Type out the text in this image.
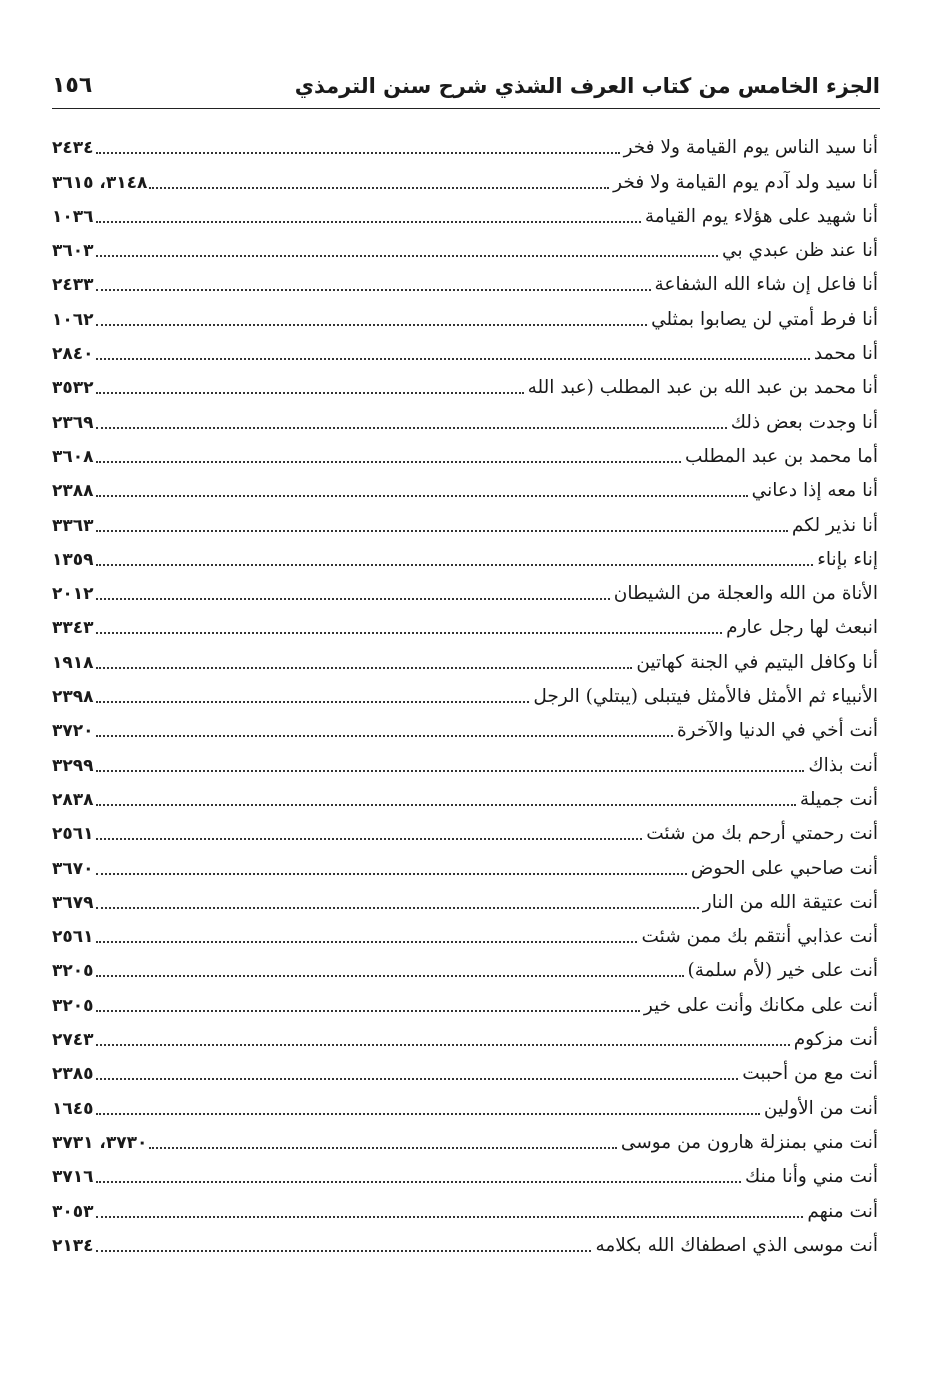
الجزء الخامس من كتاب العرف الشذي شرح سنن الترمذي
١٥٦
أنا سيد الناس يوم القيامة ولا فخر
٢٤٣٤
أنا سيد ولد آدم يوم القيامة ولا فخر
٣١٤٨، ٣٦١٥
أنا شهيد على هؤلاء يوم القيامة
١٠٣٦
أنا عند ظن عبدي بي
٣٦٠٣
أنا فاعل إن شاء الله الشفاعة
٢٤٣٣
أنا فرط أمتي لن يصابوا بمثلي
١٠٦٢
أنا محمد
٢٨٤٠
أنا محمد بن عبد الله بن عبد المطلب (عبد الله
٣٥٣٢
أنا وجدت بعض ذلك
٢٣٦٩
أما محمد بن عبد المطلب
٣٦٠٨
أنا معه إذا دعاني
٢٣٨٨
أنا نذير لكم
٣٣٦٣
إناء بإناء
١٣٥٩
الأناة من الله والعجلة من الشيطان
٢٠١٢
انبعث لها رجل عارم
٣٣٤٣
أنا وكافل اليتيم في الجنة كهاتين
١٩١٨
الأنبياء ثم الأمثل فالأمثل فيتبلى (يبتلي) الرجل
٢٣٩٨
أنت أخي في الدنيا والآخرة
٣٧٢٠
أنت بذاك
٣٢٩٩
أنت جميلة
٢٨٣٨
أنت رحمتي أرحم بك من شئت
٢٥٦١
أنت صاحبي على الحوض
٣٦٧٠
أنت عتيقة الله من النار
٣٦٧٩
أنت عذابي أنتقم بك ممن شئت
٢٥٦١
أنت على خير (لأم سلمة)
٣٢٠٥
أنت على مكانك وأنت على خير
٣٢٠٥
أنت مزكوم
٢٧٤٣
أنت مع من أحببت
٢٣٨٥
أنت من الأولين
١٦٤٥
أنت مني بمنزلة هارون من موسى
٣٧٣٠، ٣٧٣١
أنت مني وأنا منك
٣٧١٦
أنت منهم
٣٠٥٣
أنت موسى الذي اصطفاك الله بكلامه
٢١٣٤
